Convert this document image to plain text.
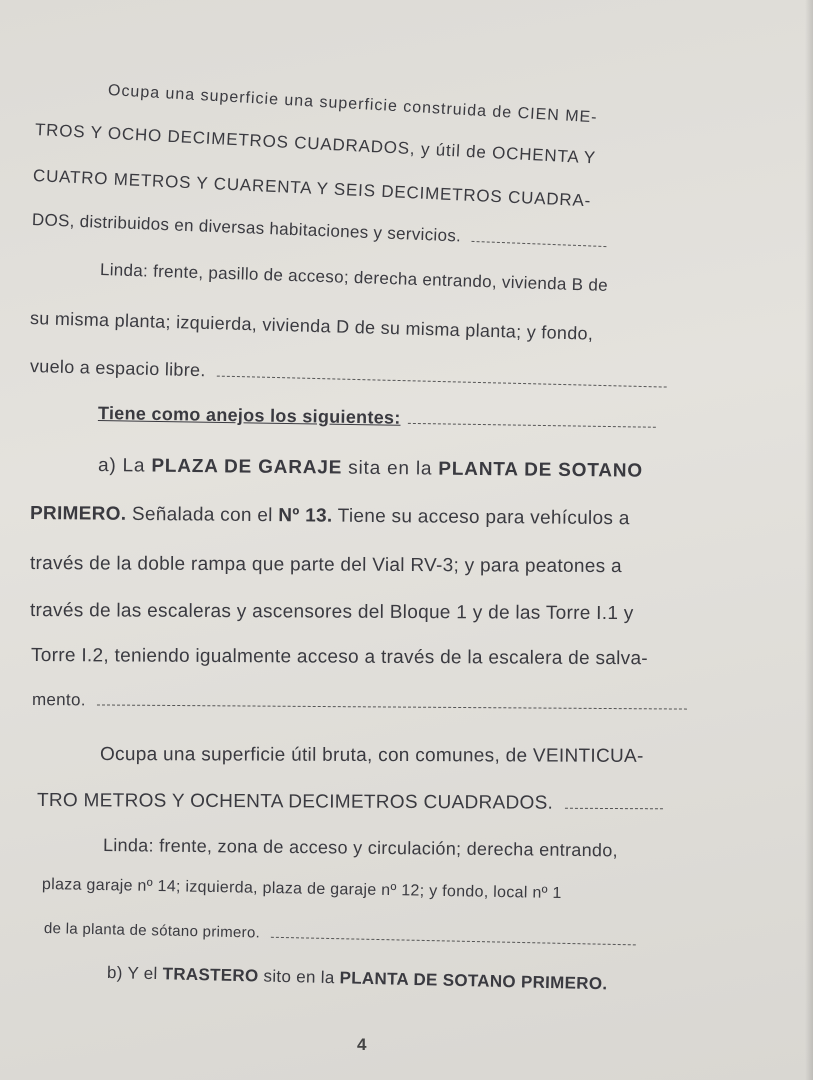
Ocupa una superficie una superficie construida de CIEN ME-
TROS Y OCHO DECIMETROS CUADRADOS, y útil de OCHENTA Y
CUATRO METROS Y CUARENTA Y SEIS DECIMETROS CUADRA-
DOS, distribuidos en diversas habitaciones y servicios.
Linda: frente, pasillo de acceso; derecha entrando, vivienda B de
su misma planta; izquierda, vivienda D de su misma planta; y fondo,
vuelo a espacio libre.
Tiene como anejos los siguientes:
a) La PLAZA DE GARAJE sita en la PLANTA DE SOTANO
PRIMERO. Señalada con el Nº 13. Tiene su acceso para vehículos a
través de la doble rampa que parte del Vial RV-3; y para peatones a
través de las escaleras y ascensores del Bloque 1 y de las Torre I.1 y
Torre I.2, teniendo igualmente acceso a través de la escalera de salva-
mento.
Ocupa una superficie útil bruta, con comunes, de VEINTICUA-
TRO METROS Y OCHENTA DECIMETROS CUADRADOS.
Linda: frente, zona de acceso y circulación; derecha entrando,
plaza garaje nº 14; izquierda, plaza de garaje nº 12; y fondo, local nº 1
de la planta de sótano primero.
b) Y el TRASTERO sito en la PLANTA DE SOTANO PRIMERO.
4
